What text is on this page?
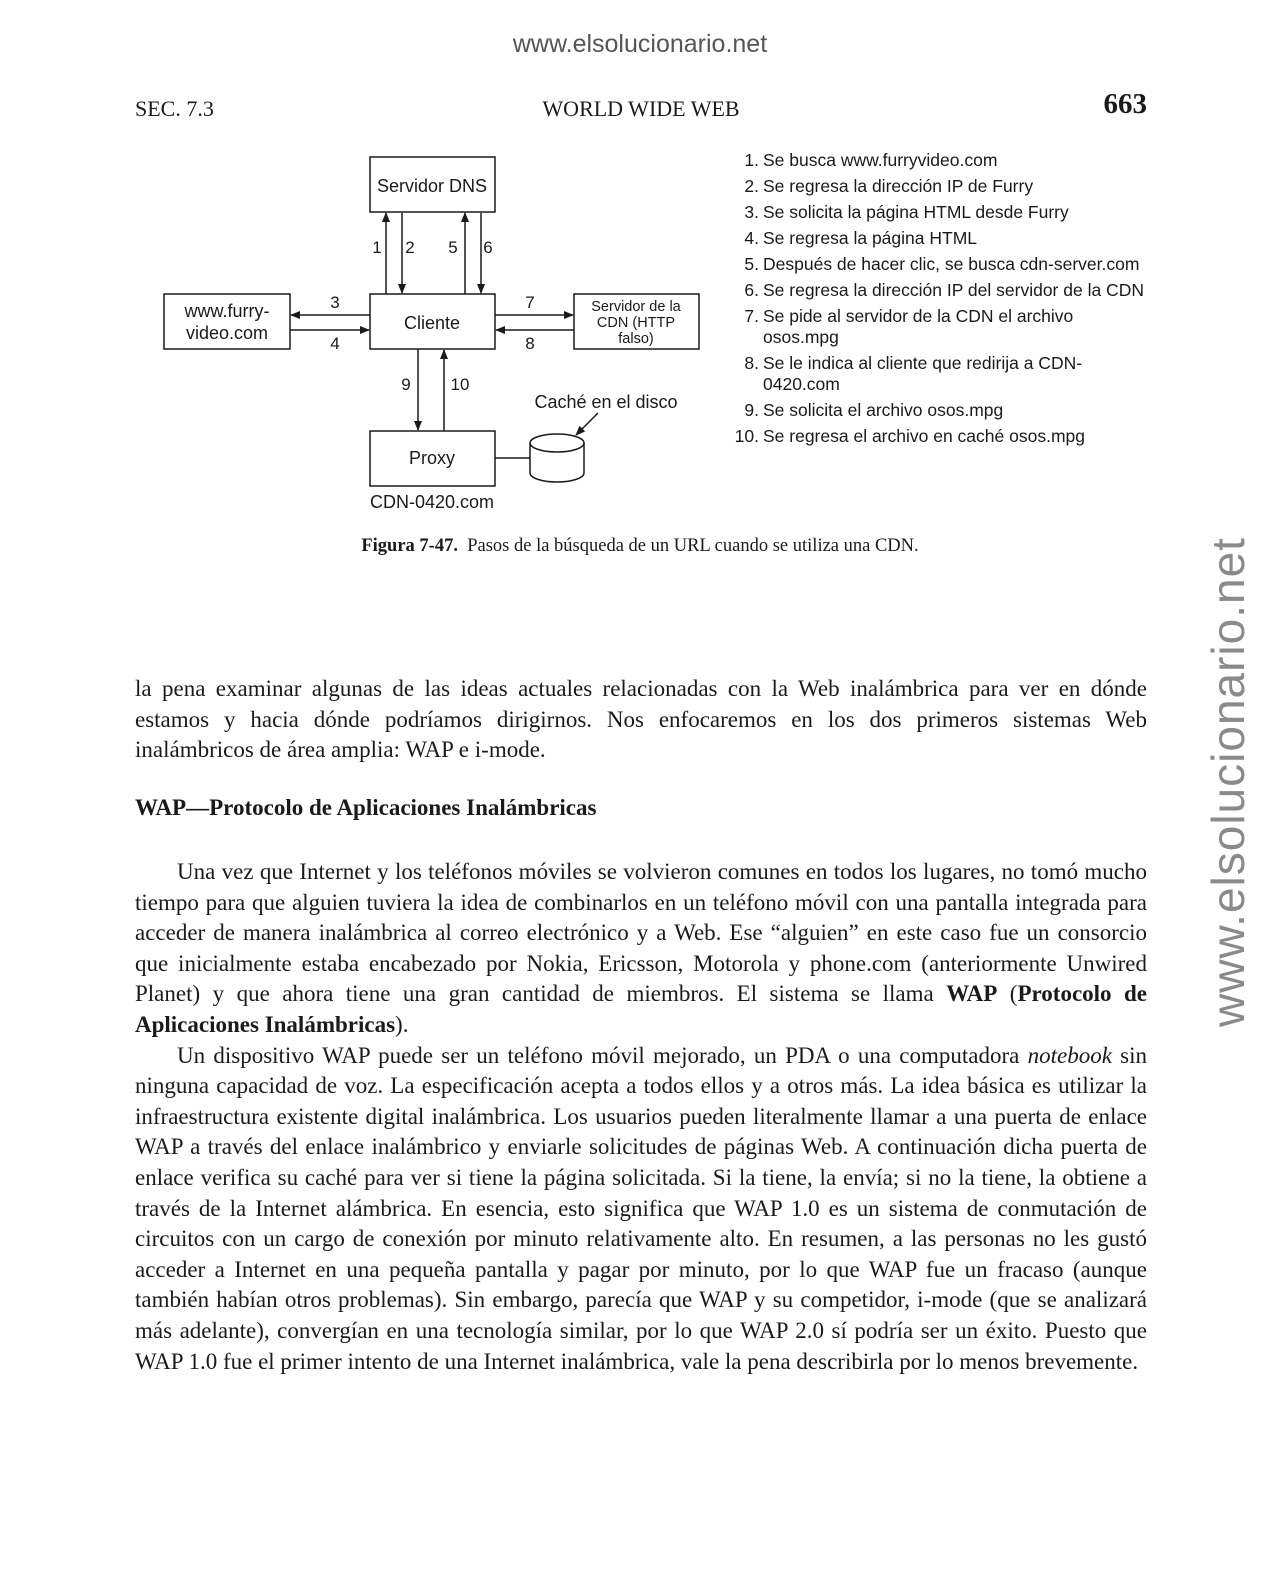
www.elsolucionario.net
www.elsolucionario.net
SEC. 7.3	WORLD WIDE WEB	663
Servidor DNS
www.furry-
video.com	Cliente
Servidor de la
CDN (HTTP
falso)
Proxy
CDN-0420.com
Caché en el disco
1 2
3
4
5 6
7
8
9 10
1. Se busca www.furryvideo.com
2. Se regresa la dirección IP de Furry
3. Se solicita la página HTML desde Furry
4. Se regresa la página HTML
5. Después de hacer clic, se busca cdn-server.com
6. Se regresa la dirección IP del servidor de la CDN
7. Se pide al servidor de la CDN el archivo osos.mpg
8. Se le indica al cliente que redirija a CDN-0420.com
9. Se solicita el archivo osos.mpg
10. Se regresa el archivo en caché osos.mpg
Figura 7-47. Pasos de la búsqueda de un URL cuando se utiliza una CDN.

la pena examinar algunas de las ideas actuales relacionadas con la Web inalámbrica para ver en dónde estamos y hacia dónde podríamos dirigirnos. Nos enfocaremos en los dos primeros sistemas Web inalámbricos de área amplia: WAP e i-mode.

WAP—Protocolo de Aplicaciones Inalámbricas

Una vez que Internet y los teléfonos móviles se volvieron comunes en todos los lugares, no tomó mucho tiempo para que alguien tuviera la idea de combinarlos en un teléfono móvil con una pantalla integrada para acceder de manera inalámbrica al correo electrónico y a Web. Ese “alguien” en este caso fue un consorcio que inicialmente estaba encabezado por Nokia, Ericsson, Motorola y phone.com (anteriormente Unwired Planet) y que ahora tiene una gran cantidad de miembros. El sistema se llama WAP (Protocolo de Aplicaciones Inalámbricas).

Un dispositivo WAP puede ser un teléfono móvil mejorado, un PDA o una computadora notebook sin ninguna capacidad de voz. La especificación acepta a todos ellos y a otros más. La idea básica es utilizar la infraestructura existente digital inalámbrica. Los usuarios pueden literalmente llamar a una puerta de enlace WAP a través del enlace inalámbrico y enviarle solicitudes de páginas Web. A continuación dicha puerta de enlace verifica su caché para ver si tiene la página solicitada. Si la tiene, la envía; si no la tiene, la obtiene a través de la Internet alámbrica. En esencia, esto significa que WAP 1.0 es un sistema de conmutación de circuitos con un cargo de conexión por minuto relativamente alto. En resumen, a las personas no les gustó acceder a Internet en una pequeña pantalla y pagar por minuto, por lo que WAP fue un fracaso (aunque también habían otros problemas). Sin embargo, parecía que WAP y su competidor, i-mode (que se analizará más adelante), convergían en una tecnología similar, por lo que WAP 2.0 sí podría ser un éxito. Puesto que WAP 1.0 fue el primer intento de una Internet inalámbrica, vale la pena describirla por lo menos brevemente.
